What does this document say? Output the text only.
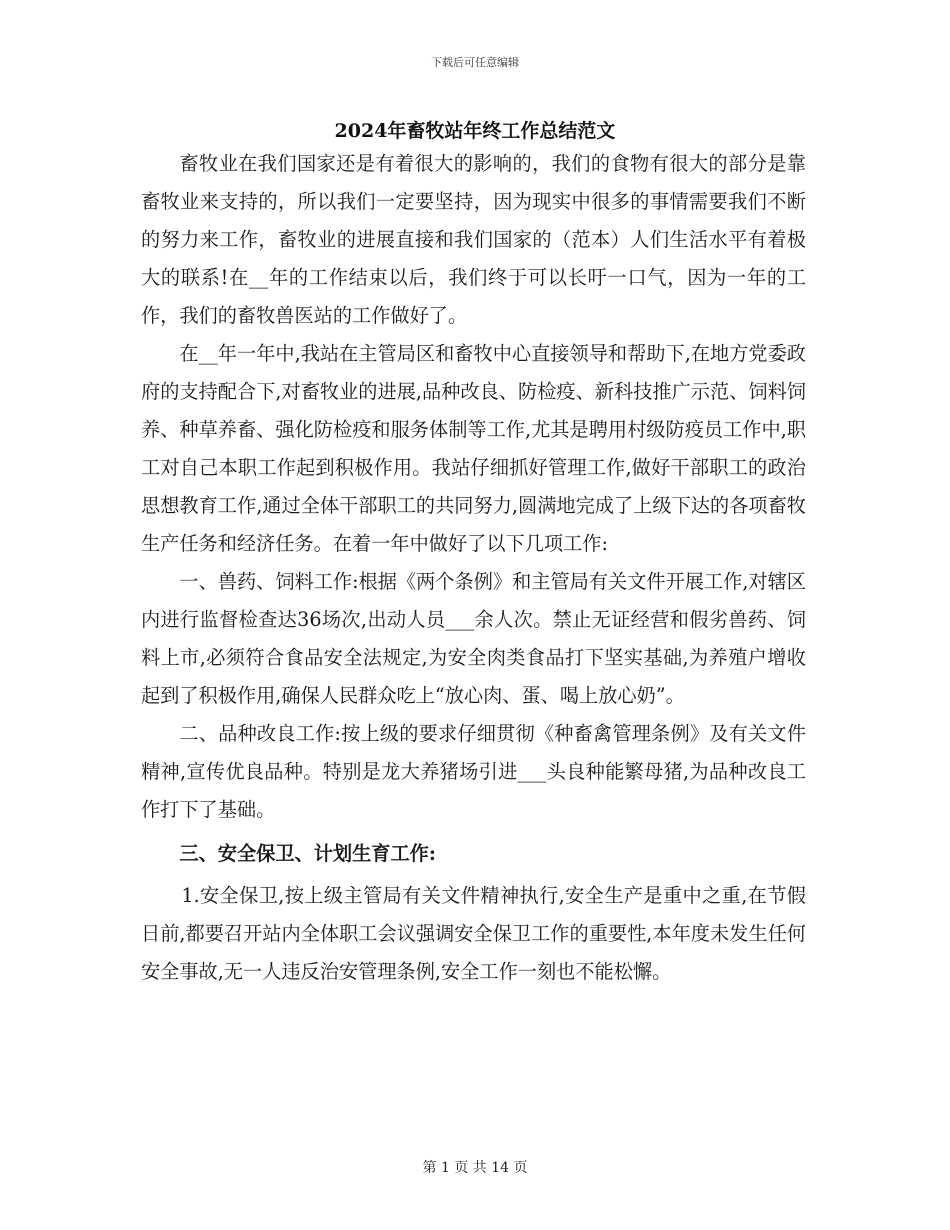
下载后可任意编辑
2024年畜牧站年终工作总结范文

畜牧业在我们国家还是有着很大的影响的，我们的食物有很大的部分是靠畜牧业来支持的，所以我们一定要坚持，因为现实中很多的事情需要我们不断的努力来工作，畜牧业的进展直接和我们国家的（范本）人们生活水平有着极大的联系!在__年的工作结束以后，我们终于可以长吁一口气，因为一年的工作，我们的畜牧兽医站的工作做好了。

在__年一年中,我站在主管局区和畜牧中心直接领导和帮助下,在地方党委政府的支持配合下,对畜牧业的进展,品种改良、防检疫、新科技推广示范、饲料饲养、种草养畜、强化防检疫和服务体制等工作,尤其是聘用村级防疫员工作中,职工对自己本职工作起到积极作用。我站仔细抓好管理工作,做好干部职工的政治思想教育工作,通过全体干部职工的共同努力,圆满地完成了上级下达的各项畜牧生产任务和经济任务。在着一年中做好了以下几项工作:

一、兽药、饲料工作:根据《两个条例》和主管局有关文件开展工作,对辖区内进行监督检查达36场次,出动人员___余人次。禁止无证经营和假劣兽药、饲料上市,必须符合食品安全法规定,为安全肉类食品打下坚实基础,为养殖户增收起到了积极作用,确保人民群众吃上“放心肉、蛋、喝上放心奶”。

二、品种改良工作:按上级的要求仔细贯彻《种畜禽管理条例》及有关文件精神,宣传优良品种。特别是龙大养猪场引进___头良种能繁母猪,为品种改良工作打下了基础。

三、安全保卫、计划生育工作:

1.安全保卫,按上级主管局有关文件精神执行,安全生产是重中之重,在节假日前,都要召开站内全体职工会议强调安全保卫工作的重要性,本年度未发生任何安全事故,无一人违反治安管理条例,安全工作一刻也不能松懈。

第 1 页 共 14 页
